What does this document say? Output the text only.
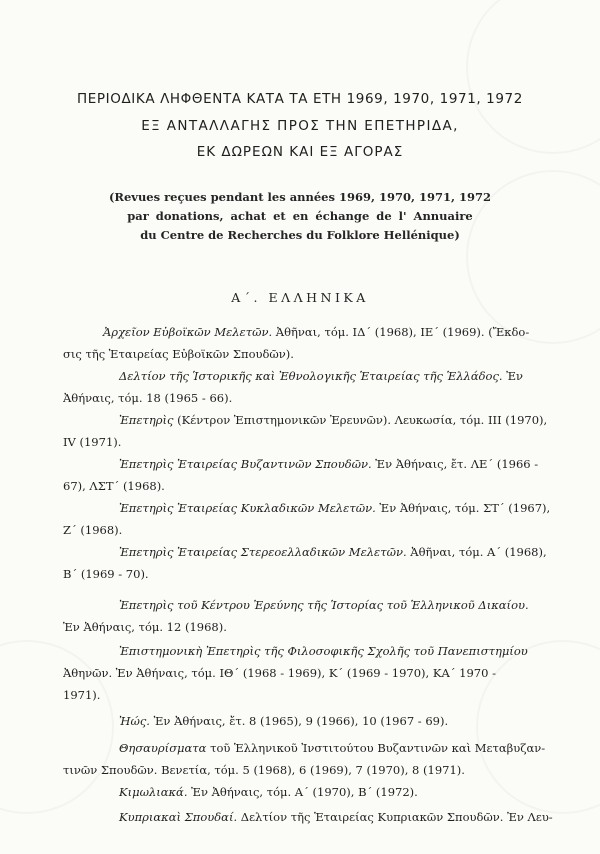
ΠΕΡΙΟΔΙΚΑ ΛΗΦΘΕΝΤΑ ΚΑΤΑ ΤΑ ΕΤΗ 1969, 1970, 1971, 1972
ΕΞ ΑΝΤΑΛΛΑΓΗΣ ΠΡΟΣ ΤΗΝ ΕΠΕΤΗΡΙΔΑ,
ΕΚ ΔΩΡΕΩΝ ΚΑΙ ΕΞ ΑΓΟΡΑΣ
(Revues reçues pendant les années 1969, 1970, 1971, 1972
par donations, achat et en échange de l' Annuaire
du Centre de Recherches du Folklore Hellénique)
Α΄. ΕΛΛΗΝΙΚΑ
Ἀρχεῖον Εὐβοϊκῶν Μελετῶν. Ἀθῆναι, τόμ. ΙΔ΄ (1968), ΙΕ΄ (1969). (Ἔκδο-
σις τῆς Ἑταιρείας Εὐβοϊκῶν Σπουδῶν).
Δελτίον τῆς Ἱστορικῆς καὶ Ἐθνολογικῆς Ἑταιρείας τῆς Ἑλλάδος. Ἐν
Ἀθήναις, τόμ. 18 (1965 - 66).
Ἐπετηρὶς (Κέντρον Ἐπιστημονικῶν Ἐρευνῶν). Λευκωσία, τόμ. ΙΙΙ (1970),
IV (1971).
Ἐπετηρὶς Ἑταιρείας Βυζαντινῶν Σπουδῶν. Ἐν Ἀθήναις, ἔτ. ΛΕ΄ (1966 -
67), ΛΣΤ΄ (1968).
Ἐπετηρὶς Ἑταιρείας Κυκλαδικῶν Μελετῶν. Ἐν Ἀθήναις, τόμ. ΣΤ΄ (1967),
Ζ΄ (1968).
Ἐπετηρὶς Ἑταιρείας Στερεοελλαδικῶν Μελετῶν. Ἀθῆναι, τόμ. Α΄ (1968),
Β΄ (1969 - 70).
Ἐπετηρὶς τοῦ Κέντρου Ἐρεύνης τῆς Ἱστορίας τοῦ Ἑλληνικοῦ Δικαίου.
Ἐν Ἀθήναις, τόμ. 12 (1968).
Ἐπιστημονικὴ Ἐπετηρὶς τῆς Φιλοσοφικῆς Σχολῆς τοῦ Πανεπιστημίου
Ἀθηνῶν. Ἐν Ἀθήναις, τόμ. ΙΘ΄ (1968 - 1969), Κ΄ (1969 - 1970), ΚΑ΄ 1970 -
1971).
Ἠώς. Ἐν Ἀθήναις, ἔτ. 8 (1965), 9 (1966), 10 (1967 - 69).
Θησαυρίσματα τοῦ Ἑλληνικοῦ Ἰνστιτούτου Βυζαντινῶν καὶ Μεταβυζαν-
τινῶν Σπουδῶν. Βενετία, τόμ. 5 (1968), 6 (1969), 7 (1970), 8 (1971).
Κιμωλιακά. Ἐν Ἀθήναις, τόμ. Α΄ (1970), Β΄ (1972).
Κυπριακαὶ Σπουδαί. Δελτίον τῆς Ἑταιρείας Κυπριακῶν Σπουδῶν. Ἐν Λευ-
